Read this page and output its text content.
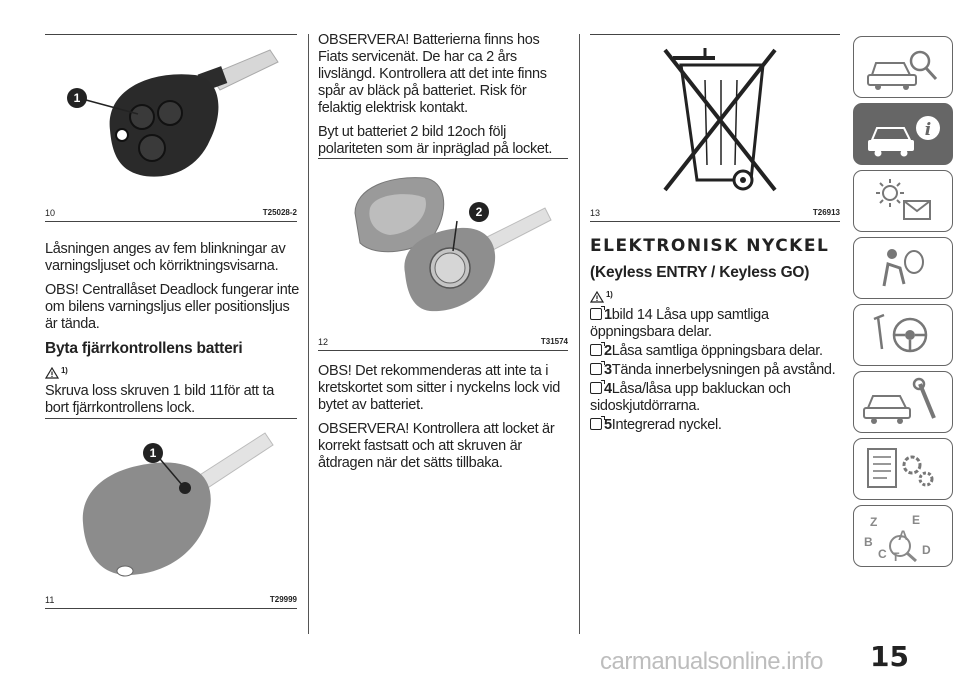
1
10	T25028-2

Låsningen anges av fem blinkningar av varningsljuset och körriktningsvisarna.

OBS! Centrallåset Deadlock fungerar inte om bilens varningsljus eller positionsljus är tända.

Byta fjärrkontrollens batteri
1)

Skruva loss skruven 1 bild 11för att ta bort fjärrkontrollens lock.

1
11	T29999

OBSERVERA! Batterierna finns hos Fiats servicenät. De har ca 2 års livslängd. Kontrollera att det inte finns spår av bläck på batteriet. Risk för felaktig elektrisk kontakt.

Byt ut batteriet 2 bild 12och följ polariteten som är inpräglad på locket.

2
12	T31574

OBS! Det rekommenderas att inte ta i kretskortet som sitter i nyckelns lock vid bytet av batteriet.

OBSERVERA! Kontrollera att locket är korrekt fastsatt och att skruven är åtdragen när det sätts tillbaka.

13	T26913
ELEKTRONISK NYCKEL
(Keyless ENTRY / Keyless GO)
1)
1bild 14 Låsa upp samtliga öppningsbara delar.
2Låsa samtliga öppningsbara delar.
3Tända innerbelysningen på avstånd.
4Låsa/låsa upp bakluckan och sidoskjutdörrarna.
5Integrerad nyckel.
i
Z	E
A
B
C T D
15
carmanualsonline.info
